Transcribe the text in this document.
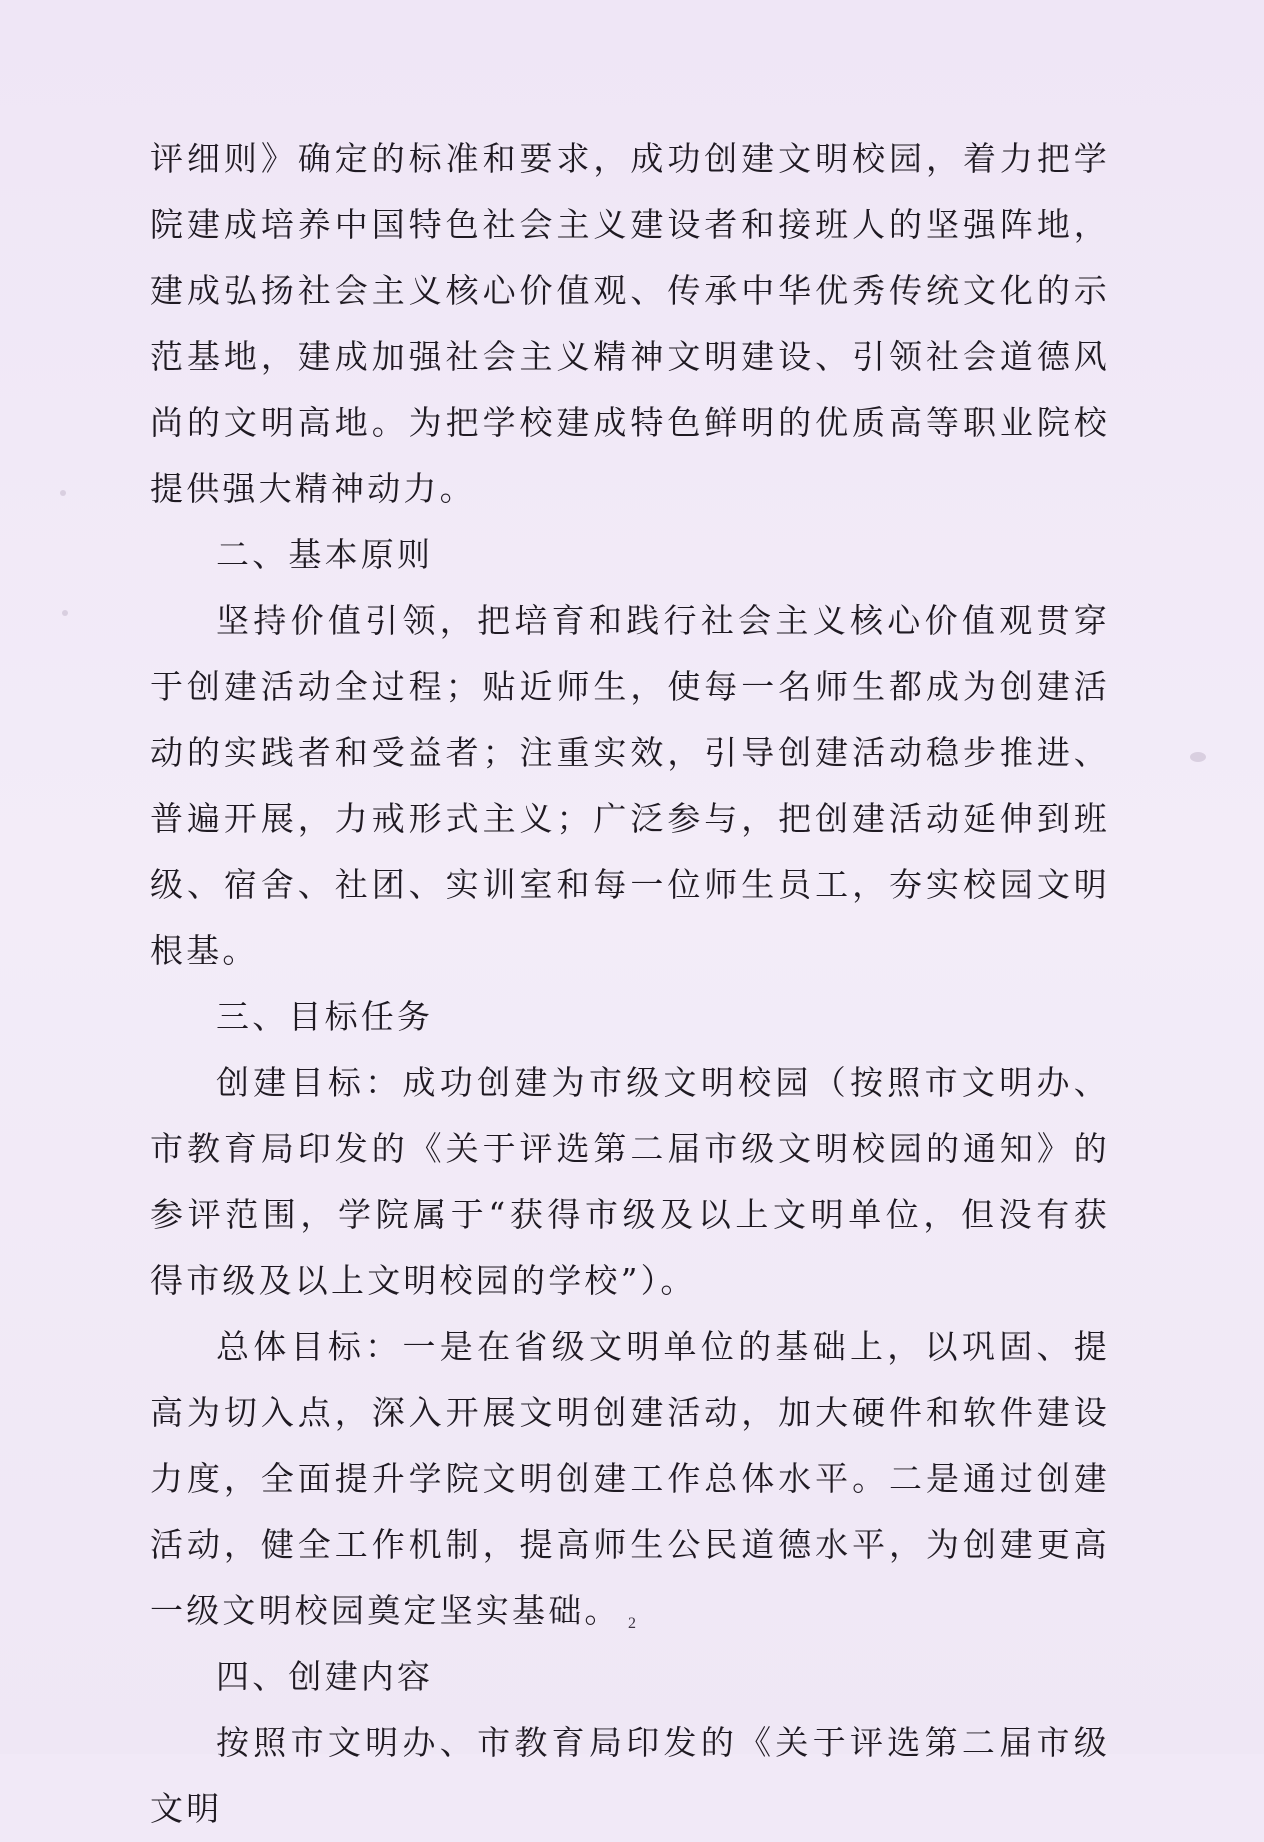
评细则》确定的标准和要求，成功创建文明校园，着力把学院建成培养中国特色社会主义建设者和接班人的坚强阵地，建成弘扬社会主义核心价值观、传承中华优秀传统文化的示范基地，建成加强社会主义精神文明建设、引领社会道德风尚的文明高地。为把学校建成特色鲜明的优质高等职业院校提供强大精神动力。

二、基本原则

坚持价值引领，把培育和践行社会主义核心价值观贯穿于创建活动全过程；贴近师生，使每一名师生都成为创建活动的实践者和受益者；注重实效，引导创建活动稳步推进、普遍开展，力戒形式主义；广泛参与，把创建活动延伸到班级、宿舍、社团、实训室和每一位师生员工，夯实校园文明根基。

三、目标任务

创建目标：成功创建为市级文明校园（按照市文明办、市教育局印发的《关于评选第二届市级文明校园的通知》的参评范围，学院属于“获得市级及以上文明单位，但没有获得市级及以上文明校园的学校”）。

总体目标：一是在省级文明单位的基础上，以巩固、提高为切入点，深入开展文明创建活动，加大硬件和软件建设力度，全面提升学院文明创建工作总体水平。二是通过创建活动，健全工作机制，提高师生公民道德水平，为创建更高一级文明校园奠定坚实基础。

四、创建内容

按照市文明办、市教育局印发的《关于评选第二届市级文明

2
